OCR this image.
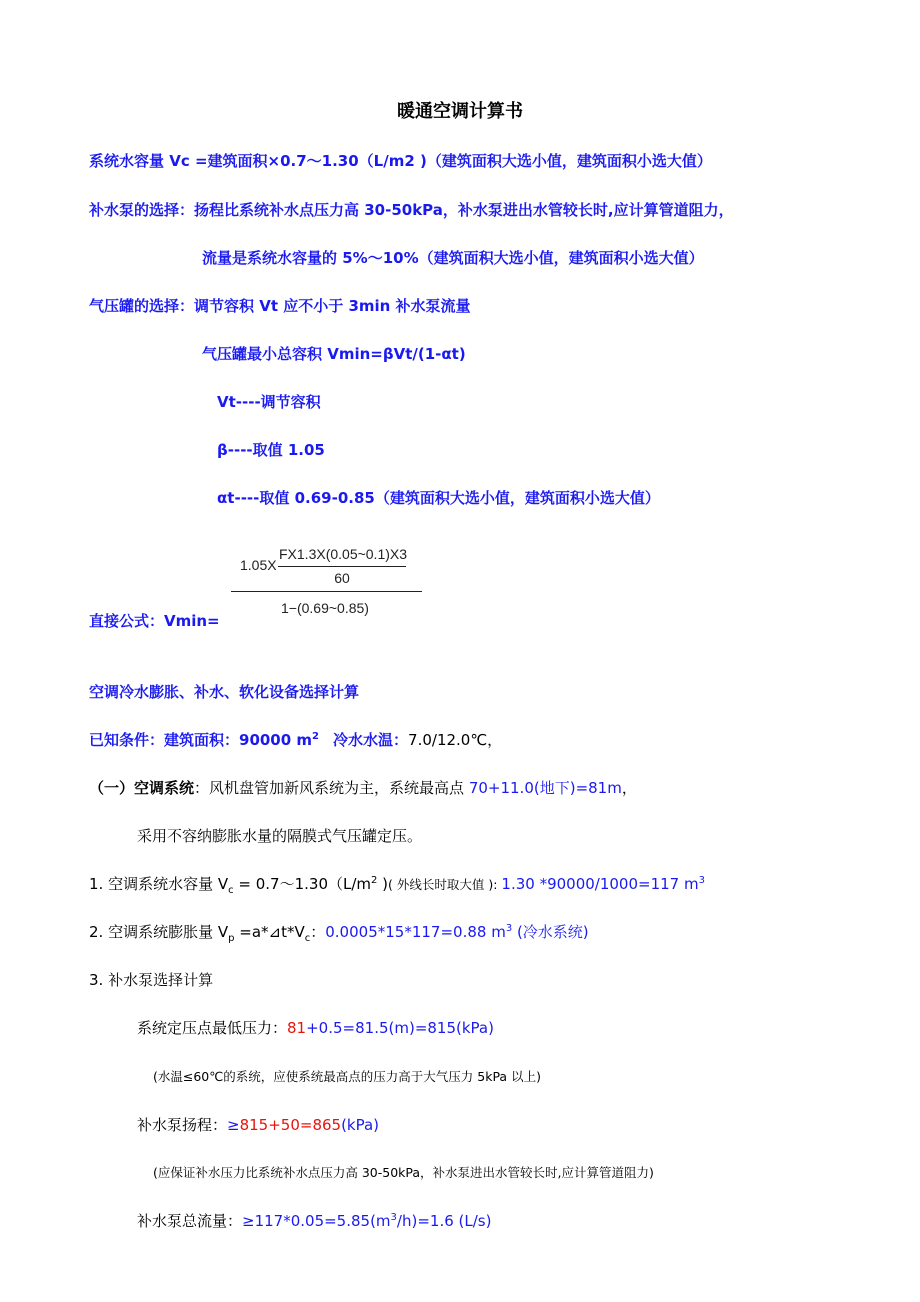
暖通空调计算书
系统水容量 Vc =建筑面积×0.7～1.30（L/m2 )（建筑面积大选小值，建筑面积小选大值）
补水泵的选择：扬程比系统补水点压力高 30-50kPa，补水泵进出水管较长时,应计算管道阻力，
流量是系统水容量的 5%～10%（建筑面积大选小值，建筑面积小选大值）
气压罐的选择：调节容积 Vt 应不小于 3min 补水泵流量
气压罐最小总容积 Vmin=βVt/(1-αt)
Vt----调节容积
β----取值 1.05
αt----取值 0.69-0.85（建筑面积大选小值，建筑面积小选大值）
1.05X
FX1.3X(0.05~0.1)X3
60
1−(0.69~0.85)
直接公式：Vmin=
空调冷水膨胀、补水、软化设备选择计算
已知条件：建筑面积：90000 $m^2$ 冷水水温：7.0/12.0℃，
（一）空调系统：风机盘管加新风系统为主，系统最高点 70+11.0(地下)=81m，
采用不容纳膨胀水量的隔膜式气压罐定压。
1. 空调系统水容量 $V_c$ = $0.7\sim 1.30(L/m^2$ )( 外线长时取大值 ): 1.30 *90000/1000=117 $m^3$
2. 空调系统膨胀量 $V_p$ $=a*⊿t*V_c$：0.0005*15*117=0.88 $m^3$ (冷水系统)
3. 补水泵选择计算
系统定压点最低压力：81+0.5=81.5(m)=815(kPa)
(水温≤60℃的系统，应使系统最高点的压力高于大气压力 5kPa 以上)
补水泵扬程：≥815+50=865(kPa)
(应保证补水压力比系统补水点压力高 30-50kPa，补水泵进出水管较长时,应计算管道阻力)
补水泵总流量：$\ge 117*0.05=5.85(m^3/h)=1.6$ (L/s)
